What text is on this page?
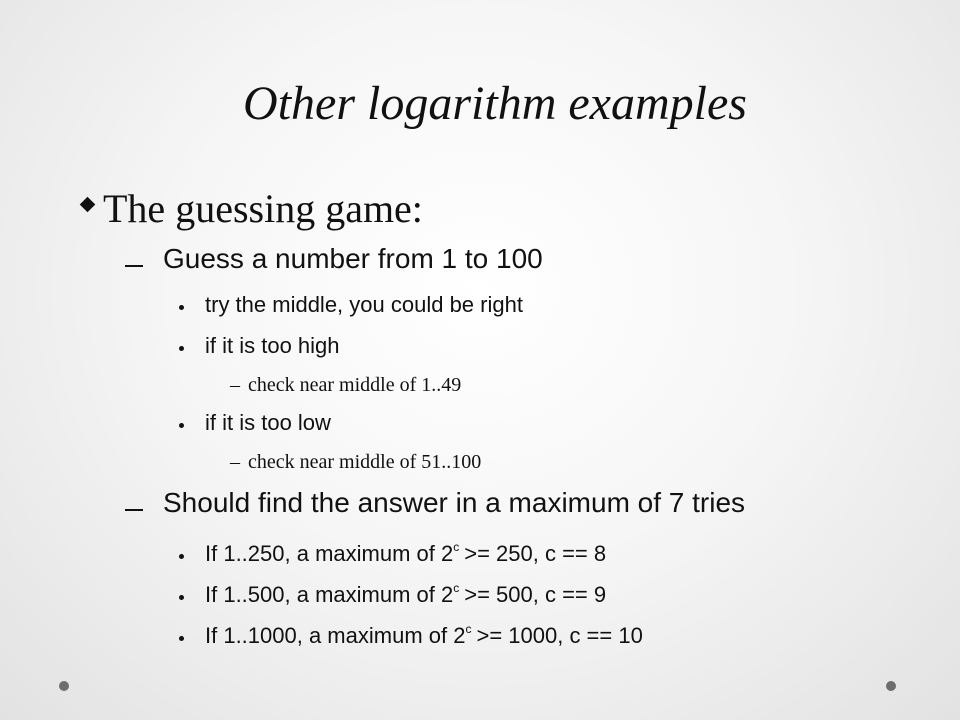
Other logarithm examples
The guessing game:
Guess a number from 1 to 100
try the middle, you could be right
if it is too high
– check near middle of 1..49
if it is too low
– check near middle of 51..100
Should find the answer in a maximum of 7 tries
If 1..250, a maximum of $2^c >= 250$, c == 8
If 1..500, a maximum of $2^c >= 500$, c == 9
If 1..1000, a maximum of $2^c >= 1000$, c == 10
